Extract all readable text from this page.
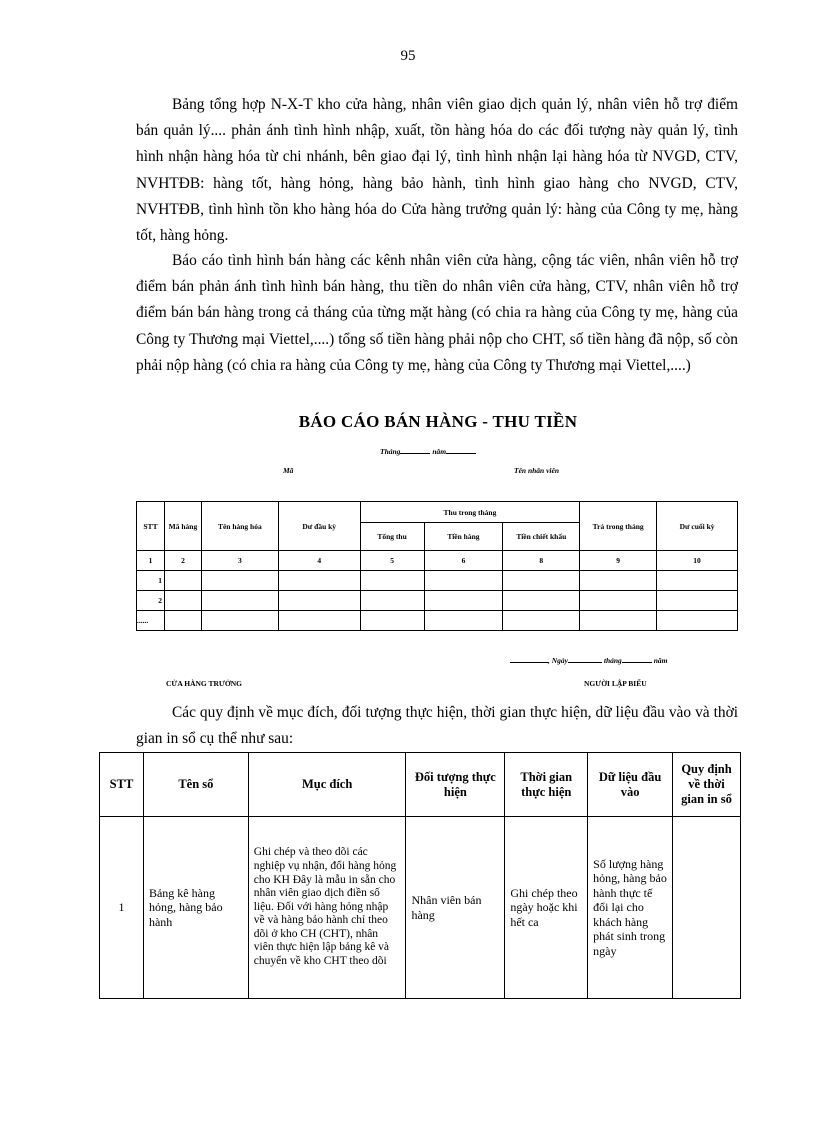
95

Bảng tổng hợp N-X-T kho cửa hàng, nhân viên giao dịch quản lý, nhân viên hỗ trợ điểm bán quản lý.... phản ánh tình hình nhập, xuất, tồn hàng hóa do các đối tượng này quản lý, tình hình nhận hàng hóa từ chi nhánh, bên giao đại lý, tình hình nhận lại hàng hóa từ NVGD, CTV, NVHTĐB: hàng tốt, hàng hỏng, hàng bảo hành, tình hình giao hàng cho NVGD, CTV, NVHTĐB, tình hình tồn kho hàng hóa do Cửa hàng trưởng quản lý: hàng của Công ty mẹ, hàng tốt, hàng hỏng.

Báo cáo tình hình bán hàng các kênh nhân viên cửa hàng, cộng tác viên, nhân viên hỗ trợ điểm bán phản ánh tình hình bán hàng, thu tiền do nhân viên cửa hàng, CTV, nhân viên hỗ trợ điểm bán bán hàng trong cả tháng của từng mặt hàng (có chia ra hàng của Công ty mẹ, hàng của Công ty Thương mại Viettel,....) tổng số tiền hàng phải nộp cho CHT, số tiền hàng đã nộp, số còn phải nộp hàng (có chia ra hàng của Công ty mẹ, hàng của Công ty Thương mại Viettel,....)

BÁO CÁO BÁN HÀNG - THU TIỀN
Tháng	năm
Mã	Tên nhân viên
STT	Mã hàng	Tên hàng hóa	Dư đầu kỳ	Thu trong tháng			Trả trong tháng	Dư cuối kỳ
				Tổng thu	Tiền hàng	Tiền chiết khấu		
1	2	3	4	5	6	8	9	10
1								
2								
......								
, Ngày	tháng	năm
CỬA HÀNG TRƯỞNG	NGƯỜI LẬP BIỂU

Các quy định về mục đích, đối tượng thực hiện, thời gian thực hiện, dữ liệu đầu vào và thời gian in sổ cụ thể như sau:

STT	Tên sổ	Mục đích	Đối tượng thực hiện	Thời gian thực hiện	Dữ liệu đầu vào	Quy định về thời gian in sổ
1	Bảng kê hàng hỏng, hàng bảo hành	Ghi chép và theo dõi các nghiệp vụ nhận, đổi hàng hỏng cho KH Đây là mẫu in sẵn cho nhân viên giao dịch điền số liệu. Đối với hàng hỏng nhập về và hàng bảo hành chỉ theo dõi ở kho CH (CHT), nhân viên thực hiện lập bảng kê và chuyển về kho CHT theo dõi	Nhân viên bán hàng	Ghi chép theo ngày hoặc khi hết ca	Số lượng hàng hỏng, hàng bảo hành thực tế đổi lại cho khách hàng phát sinh trong ngày	
